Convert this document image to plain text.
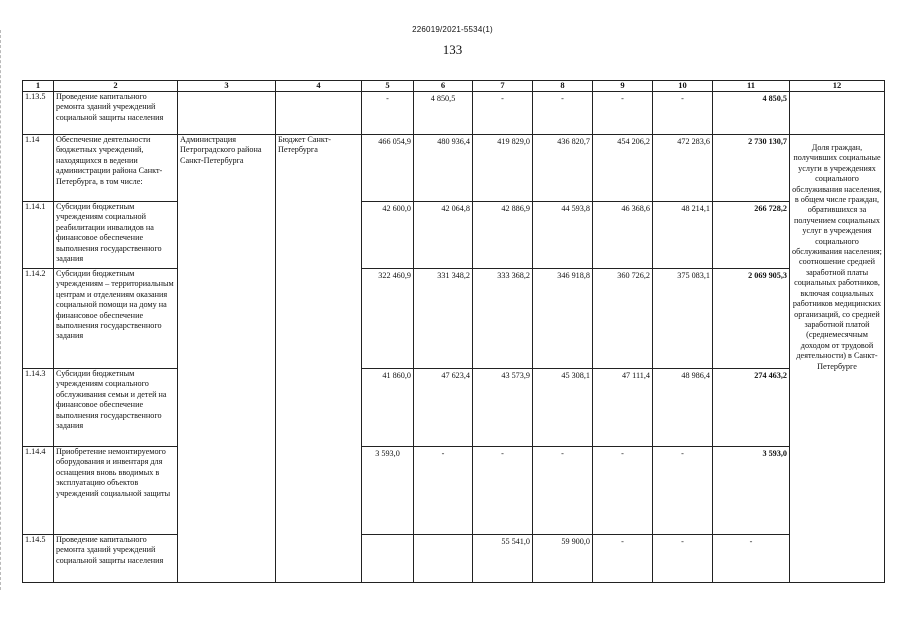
226019/2021-5534(1)
133
1	2	3	4	5	6	7	8	9	10	11	12	
1.13.5	Проведение капитального ремонта зданий учреждений социальной защиты населения			-	4 850,5	-	-	-	-	4 850,5		
1.14	Обеспечение деятельности бюджетных учреждений, находящихся в ведении администрации района Санкт-Петербурга, в том числе:	Администрация Петроградского района Санкт-Петербурга	Бюджет Санкт-Петербурга	466 054,9	480 936,4	419 829,0	436 820,7	454 206,2	472 283,6	2 730 130,7	Доля граждан, получивших социальные услуги в учреждениях социального обслуживания населения, в общем числе граждан, обратившихся за получением социальных услуг в учреждения социального обслуживания населения; соотношение средней заработной платы социальных работников, включая социальных работников медицинских организаций, со средней заработной платой (среднемесячным доходом от трудовой деятельности) в Санкт-Петербурге	
1.14.1	Субсидии бюджетным учреждениям социальной реабилитации инвалидов на финансовое обеспечение выполнения государственного задания			42 600,0	42 064,8	42 886,9	44 593,8	46 368,6	48 214,1	266 728,2		
1.14.2	Субсидии бюджетным учреждениям – территориальным центрам и отделениям оказания социальной помощи на дому на финансовое обеспечение выполнения государственного задания			322 460,9	331 348,2	333 368,2	346 918,8	360 726,2	375 083,1	2 069 905,3		
1.14.3	Субсидии бюджетным учреждениям социального обслуживания семьи и детей на финансовое обеспечение выполнения государственного задания			41 860,0	47 623,4	43 573,9	45 308,1	47 111,4	48 986,4	274 463,2		
1.14.4	Приобретение немонтируемого оборудования и инвентаря для оснащения вновь вводимых в эксплуатацию объектов учреждений социальной защиты			3 593,0	-	-	-	-	-	3 593,0		
1.14.5	Проведение капитального ремонта зданий учреждений социальной защиты населения					55 541,0	59 900,0	-	-	-			
